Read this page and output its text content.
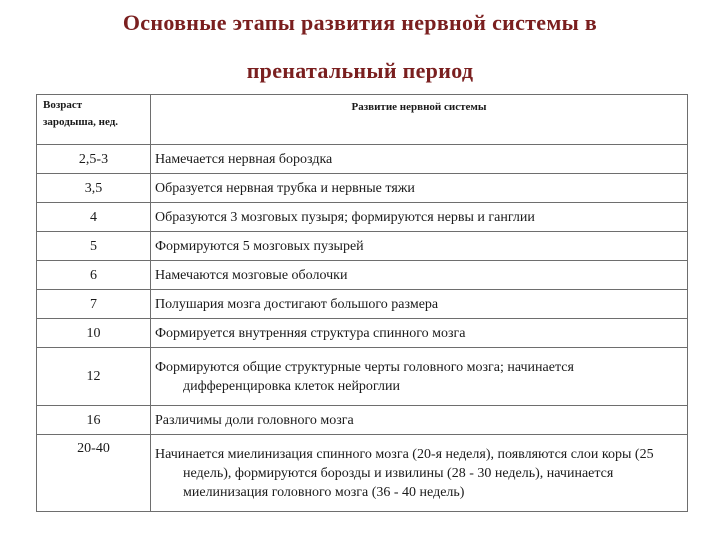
Основные этапы развития нервной системы в
пренатальный период
Возраст
зародыша, нед.	Развитие нервной системы
2,5-3	Намечается нервная бороздка
3,5	Образуется нервная трубка и нервные тяжи
4	Образуются 3 мозговых пузыря; формируются нервы и ганглии
5	Формируются 5 мозговых пузырей
6	Намечаются мозговые оболочки
7	Полушария мозга достигают большого размера
10	Формируется внутренняя структура спинного мозга
12	Формируются общие структурные черты головного мозга; начинается дифференцировка клеток нейроглии

16	Различимы доли головного мозга
20-40	Начинается миелинизация спинного мозга (20-я неделя), появляются слои коры (25 недель), формируются борозды и извилины (28 - 30 недель), начинается миелинизация головного мозга (36 - 40 недель)
